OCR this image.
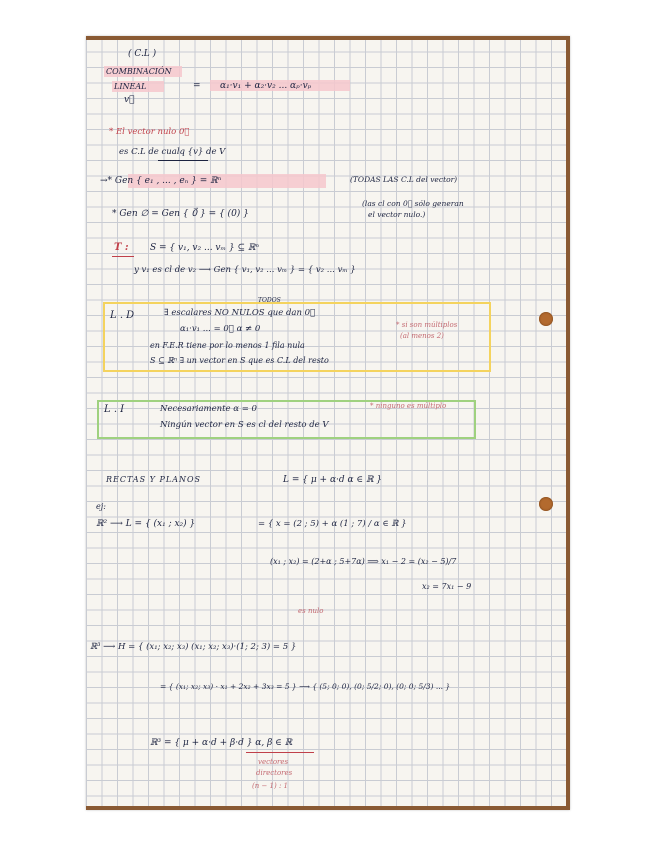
( C.L )
COMBINACIÓN
LINEAL
v⃗
= α₁·v₁ + α₂·v₂ ... αₚ·vₚ
* El vector nulo 0⃗
es C.L de cualq {v} de V
→* Gen { e₁ , ... , eₙ } = ℝⁿ	(TODAS LAS C.L del vector)
* Gen ∅ = Gen { 0⃗ } = { (0) }
(las cl con 0⃗ sólo generan
el vector nulo.)
T : S = { v₁, v₂ ... vₘ } ⊆ ℝⁿ
y v₁ es cl de v₂ ⟶ Gen { v₁, v₂ ... vₘ } = { v₂ ... vₘ }
L . D
TODOS
∃ escalares NO NULOS que dan 0⃗
α₁·v₁ ... = 0⃗ α ≠ 0	* si son múltiplos
(al menos 2)
en F.E.R tiene por lo menos 1 fila nula
S ⊆ ℝⁿ ∃ un vector en S que es C.L del resto
L . I	Necesariamente α = 0	* ninguno es múltiplo
Ningún vector en S es cl del resto de V
RECTAS Y PLANOS	L = { μ + α·d α ∈ ℝ }
ej:
ℝ² ⟶ L = { (x₁ ; x₂) }	= { x = (2 ; 5) + α (1 ; 7) / α ∈ ℝ }
(x₁ ; x₂) = (2+α ; 5+7α) ⟹ x₁ − 2 = (x₂ − 5)/7
x₂ = 7x₁ − 9
es nulo
ℝ³ ⟶ H = { (x₁; x₂; x₃) (x₁; x₂; x₃)·(1; 2; 3) = 5 }
= { (x₁; x₂; x₃) · x₁ + 2x₂ + 3x₃ = 5 } ⟶ { (5; 0; 0), (0; 5/2; 0), (0; 0; 5/3) ... }
ℝ³ = { μ + α·d + β·d } α, β ∈ ℝ
vectores
directores
(n − 1) : 1
